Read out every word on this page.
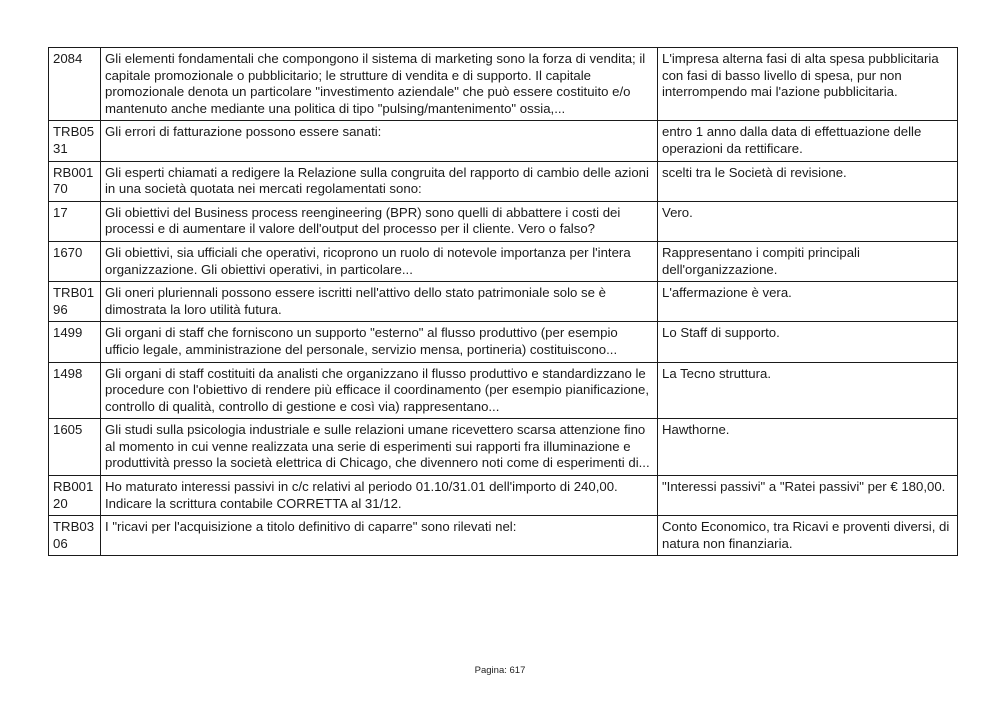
2084	Gli elementi fondamentali che compongono il sistema di marketing sono la forza di vendita; il capitale promozionale o pubblicitario; le strutture di vendita e di supporto. Il capitale promozionale denota un particolare "investimento aziendale" che può essere costituito e/o mantenuto anche mediante una politica di tipo "pulsing/mantenimento" ossia,...	L'impresa alterna fasi di alta spesa pubblicitaria con fasi di basso livello di spesa, pur non interrompendo mai l'azione pubblicitaria.
TRB0531	Gli errori di fatturazione possono essere sanati:	entro 1 anno dalla data di effettuazione delle operazioni da rettificare.
RB00170	Gli esperti chiamati a redigere la Relazione sulla congruita del rapporto di cambio delle azioni in una società quotata nei mercati regolamentati sono:	scelti tra le Società di revisione.
17	Gli obiettivi del Business process reengineering (BPR) sono quelli di abbattere i costi dei processi e di aumentare il valore dell'output del processo per il cliente. Vero o falso?	Vero.
1670	Gli obiettivi, sia ufficiali che operativi, ricoprono un ruolo di notevole importanza per l'intera organizzazione. Gli obiettivi operativi, in particolare...	Rappresentano i compiti principali dell'organizzazione.
TRB0196	Gli oneri pluriennali possono essere iscritti nell'attivo dello stato patrimoniale solo se è dimostrata la loro utilità futura.	L'affermazione è vera.
1499	Gli organi di staff che forniscono un supporto "esterno" al flusso produttivo (per esempio ufficio legale, amministrazione del personale, servizio mensa, portineria) costituiscono...	Lo Staff di supporto.
1498	Gli organi di staff costituiti da analisti che organizzano il flusso produttivo e standardizzano le procedure con l'obiettivo di rendere più efficace il coordinamento (per esempio pianificazione, controllo di qualità, controllo di gestione e così via) rappresentano...	La Tecno struttura.
1605	Gli studi sulla psicologia industriale e sulle relazioni umane ricevettero scarsa attenzione fino al momento in cui venne realizzata una serie di esperimenti sui rapporti fra illuminazione e produttività presso la società elettrica di Chicago, che divennero noti come di esperimenti di...	Hawthorne.
RB00120	Ho maturato interessi passivi in c/c relativi al periodo 01.10/31.01 dell'importo di 240,00. Indicare la scrittura contabile CORRETTA al 31/12.	"Interessi passivi" a "Ratei passivi" per € 180,00.
TRB0306	I "ricavi per l'acquisizione a titolo definitivo di caparre" sono rilevati nel:	Conto Economico, tra Ricavi e proventi diversi, di natura non finanziaria.
Pagina: 617
